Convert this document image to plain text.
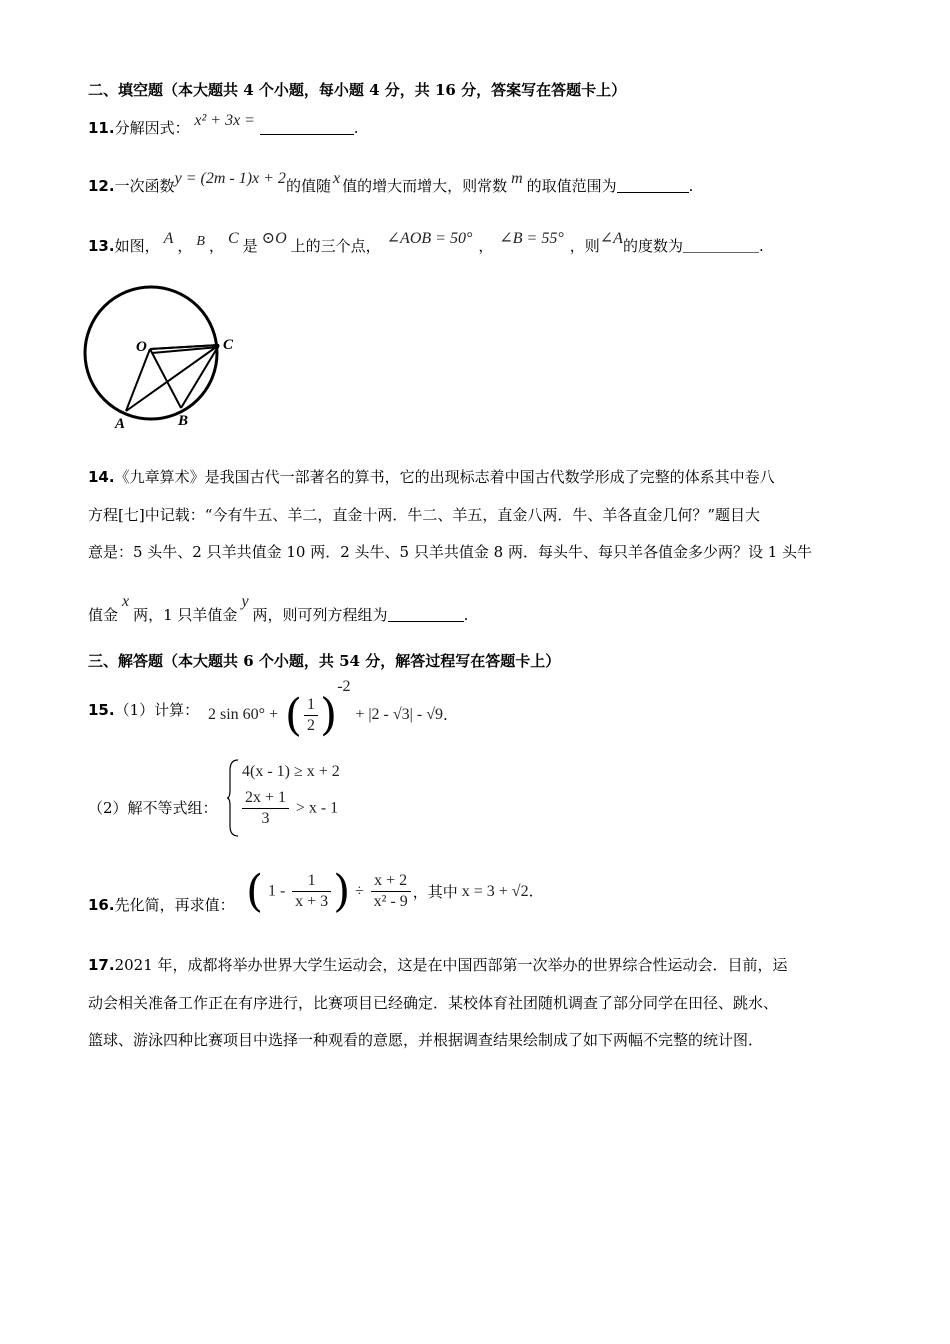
二、填空题（本大题共 4 个小题，每小题 4 分，共 16 分，答案写在答题卡上）
11.分解因式： x² + 3x =	.
12.一次函数y = (2m - 1)x + 2的值随 x 值的增大而增大，则常数 m 的取值范围为	.
13.如图， A ， B ， C 是 ⊙O 上的三个点， ∠AOB = 50° ， ∠B = 55° ，则∠A的度数为	.
O	C
A	B
14.《九章算术》是我国古代一部著名的算书，它的出现标志着中国古代数学形成了完整的体系其中卷八
方程[七]中记载：“今有牛五、羊二，直金十两．牛二、羊五，直金八两．牛、羊各直金几何？”题目大
意是：5 头牛、2 只羊共值金 10 两．2 头牛、5 只羊共值金 8 两．每头牛、每只羊各值金多少两？设 1 头牛
值金x两，1 只羊值金y两，则可列方程组为	.
三、解答题（本大题共 6 个小题，共 54 分，解答过程写在答题卡上）
15.（1）计算： 2 sin 60° + ( $\frac{1}{2} )^{-2} + |2 - √3| - √9$.
（2）解不等式组：
4(x - 1) ≥ x + 2
$\frac{2x + 1}{3} > x - 1$
16.先化简，再求值： ( $1 - \frac{1}{x + 3}$ ) ÷ $\frac{x + 2}{\text{x² - 9}}$ ，其中 x = 3 + √2.
17.2021 年，成都将举办世界大学生运动会，这是在中国西部第一次举办的世界综合性运动会．目前，运
动会相关准备工作正在有序进行，比赛项目已经确定．某校体育社团随机调查了部分同学在田径、跳水、
篮球、游泳四种比赛项目中选择一种观看的意愿，并根据调查结果绘制成了如下两幅不完整的统计图．
